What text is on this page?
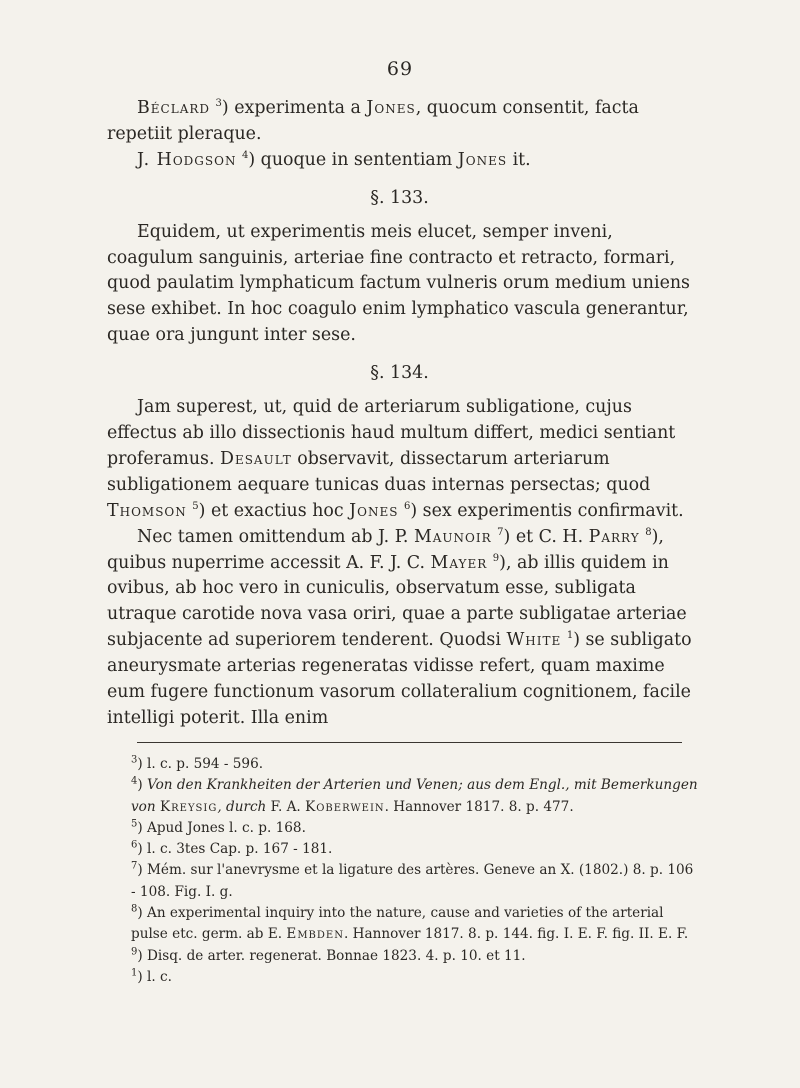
69

Béclard $^3$) experimenta a Jones, quocum consentit, facta repetiit pleraque.

J. Hodgson $^4$) quoque in sententiam Jones it.

§. 133.

Equidem, ut experimentis meis elucet, semper inveni, coagulum sanguinis, arteriae fine contracto et retracto, formari, quod paulatim lymphaticum factum vulneris orum medium uniens sese exhibet. In hoc coagulo enim lymphatico vascula generantur, quae ora jungunt inter sese.

§. 134.

Jam superest, ut, quid de arteriarum subligatione, cujus effectus ab illo dissectionis haud multum differt, medici sentiant proferamus. Desault observavit, dissectarum arteriarum subligationem aequare tunicas duas internas persectas; quod Thomson $^5$) et exactius hoc Jones $^6$) sex experimentis confirmavit.

Nec tamen omittendum ab J. P. Maunoir $^7$) et C. H. Parry $^8$), quibus nuperrime accessit A. F. J. C. Mayer $^9$), ab illis quidem in ovibus, ab hoc vero in cuniculis, observatum esse, subligata utraque carotide nova vasa oriri, quae a parte subligatae arteriae subjacente ad superiorem tenderent. Quodsi White $^1$) se subligato aneurysmate arterias regeneratas vidisse refert, quam maxime eum fugere functionum vasorum collateralium cognitionem, facile intelligi poterit. Illa enim

$^3$) l. c. p. 594 - 596.
$^4$) Von den Krankheiten der Arterien und Venen; aus dem Engl., mit Bemerkungen von Kreysig, durch F. A. Koberwein. Hannover 1817. 8. p. 477.
$^5$) Apud Jones l. c. p. 168.
$^6$) l. c. 3tes Cap. p. 167 - 181.
$^7$) Mém. sur l'anevrysme et la ligature des artères. Geneve an X. (1802.) 8. p. 106 - 108. Fig. I. g.
$^8$) An experimental inquiry into the nature, cause and varieties of the arterial pulse etc. germ. ab E. Embden. Hannover 1817. 8. p. 144. fig. I. E. F. fig. II. E. F.
$^9$) Disq. de arter. regenerat. Bonnae 1823. 4. p. 10. et 11.
$^1$) l. c.
